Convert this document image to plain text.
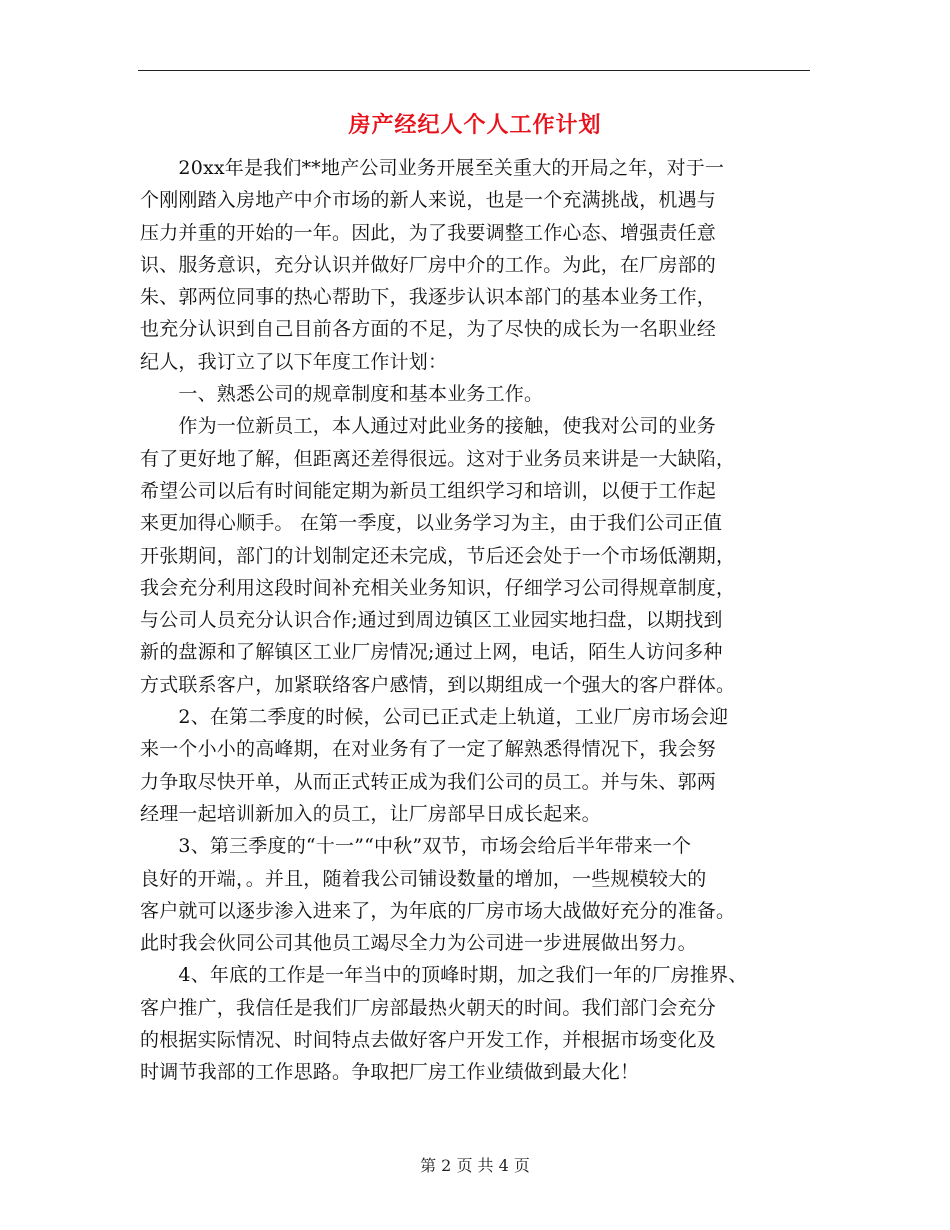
房产经纪人个人工作计划
　　20xx年是我们**地产公司业务开展至关重大的开局之年，对于一
个刚刚踏入房地产中介市场的新人来说，也是一个充满挑战，机遇与
压力并重的开始的一年。因此，为了我要调整工作心态、增强责任意
识、服务意识，充分认识并做好厂房中介的工作。为此，在厂房部的
朱、郭两位同事的热心帮助下，我逐步认识本部门的基本业务工作，
也充分认识到自己目前各方面的不足，为了尽快的成长为一名职业经
纪人，我订立了以下年度工作计划：
　　一、熟悉公司的规章制度和基本业务工作。
　　作为一位新员工，本人通过对此业务的接触，使我对公司的业务
有了更好地了解，但距离还差得很远。这对于业务员来讲是一大缺陷，
希望公司以后有时间能定期为新员工组织学习和培训，以便于工作起
来更加得心顺手。 在第一季度，以业务学习为主，由于我们公司正值
开张期间，部门的计划制定还未完成，节后还会处于一个市场低潮期，
我会充分利用这段时间补充相关业务知识，仔细学习公司得规章制度，
与公司人员充分认识合作;通过到周边镇区工业园实地扫盘，以期找到
新的盘源和了解镇区工业厂房情况;通过上网，电话，陌生人访问多种
方式联系客户，加紧联络客户感情，到以期组成一个强大的客户群体。
　　2、在第二季度的时候，公司已正式走上轨道，工业厂房市场会迎
来一个小小的高峰期，在对业务有了一定了解熟悉得情况下，我会努
力争取尽快开单，从而正式转正成为我们公司的员工。并与朱、郭两
经理一起培训新加入的员工，让厂房部早日成长起来。
　　3、第三季度的“十一”“中秋”双节，市场会给后半年带来一个
良好的开端，。并且，随着我公司铺设数量的增加，一些规模较大的
客户就可以逐步渗入进来了，为年底的厂房市场大战做好充分的准备。
此时我会伙同公司其他员工竭尽全力为公司进一步进展做出努力。
　　4、年底的工作是一年当中的顶峰时期，加之我们一年的厂房推界、
客户推广，我信任是我们厂房部最热火朝天的时间。我们部门会充分
的根据实际情况、时间特点去做好客户开发工作，并根据市场变化及
时调节我部的工作思路。争取把厂房工作业绩做到最大化！
第 2 页 共 4 页
